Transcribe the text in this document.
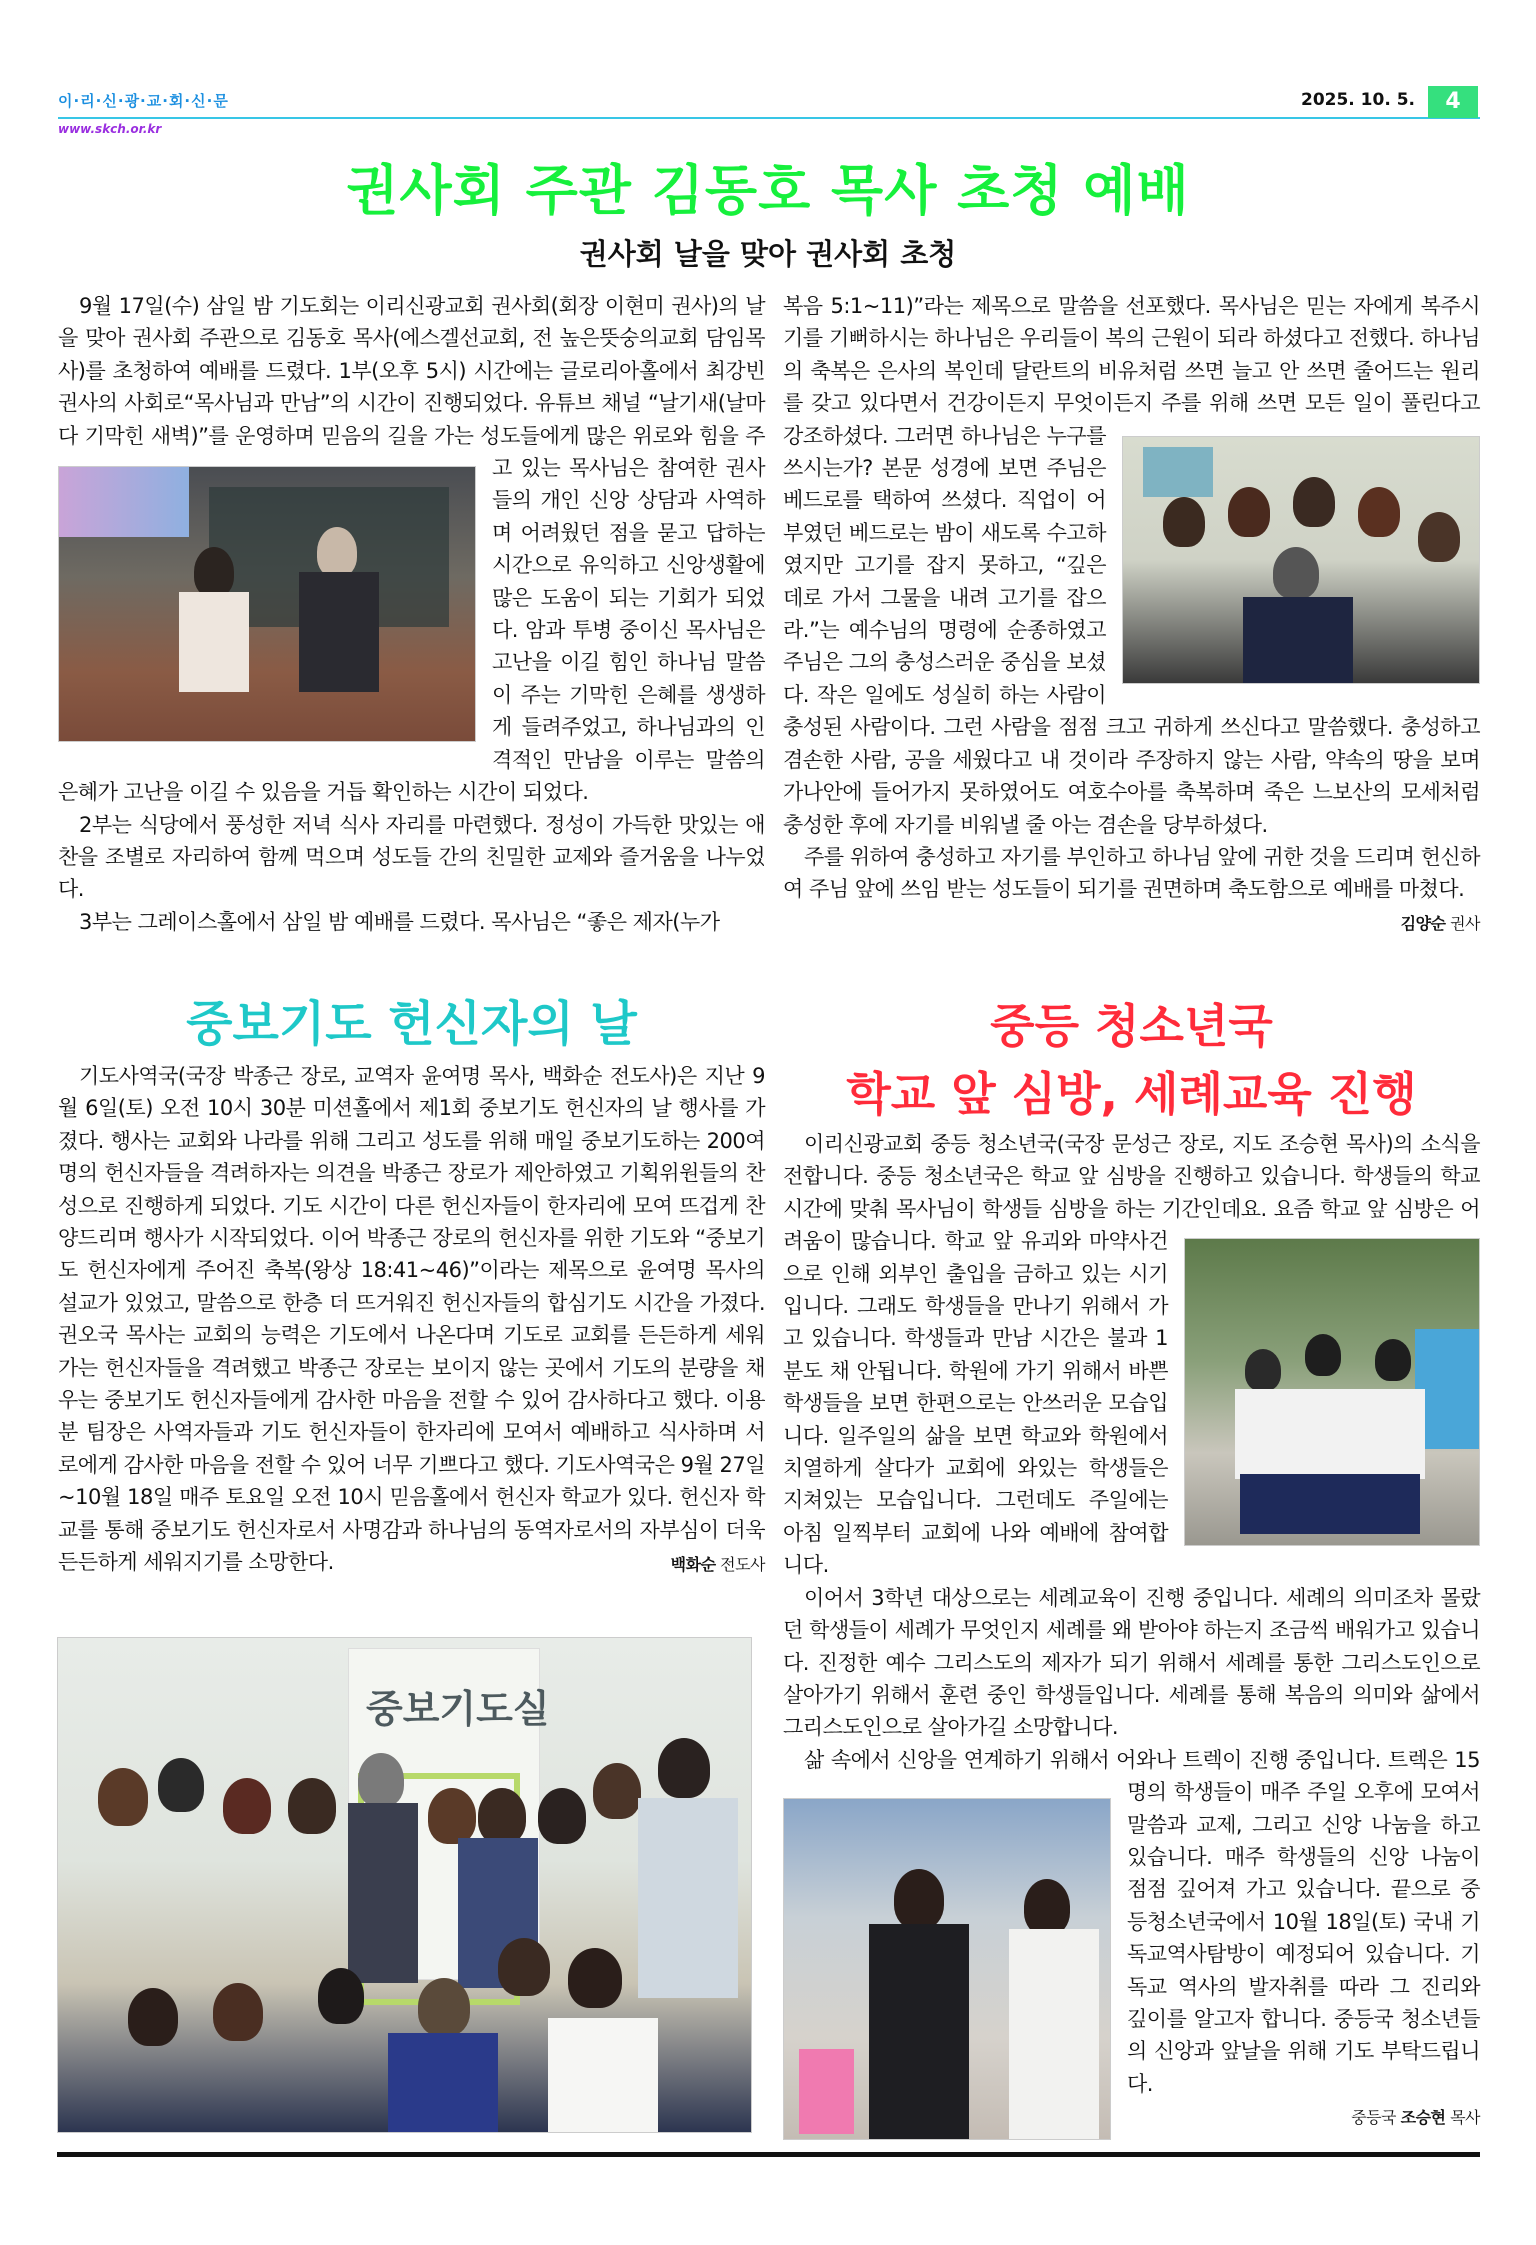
이·리·신·광·교·회·신·문
www.skch.or.kr
2025. 10. 5.	4
권사회 주관 김동호 목사 초청 예배
권사회 날을 맞아 권사회 초청

9월 17일(수) 삼일 밤 기도회는 이리신광교회 권사회(회장 이현미 권사)의 날을 맞아 권사회 주관으로 김동호 목사(에스겔선교회, 전 높은뜻숭의교회 담임목사)를 초청하여 예배를 드렸다. 1부(오후 5시) 시간에는 글로리아홀에서 최강빈 권사의 사회로“목사님과 만남”의 시간이 진행되었다. 유튜브 채널 “날기새(날마다 기막힌 새벽)”를 운영하며 믿음의 길을 가는 성도들에게 많은 위로와 힘을 주고 있는 목사님은 참여한 권사들의 개인 신앙 상담과 사역하며 어려웠던 점을 묻고 답하는 시간으로 유익하고 신앙생활에 많은 도움이 되는 기회가 되었다. 암과 투병 중이신 목사님은 고난을 이길 힘인 하나님 말씀이 주는 기막힌 은혜를 생생하게 들려주었고, 하나님과의 인격적인 만남을 이루는 말씀의 은혜가 고난을 이길 수 있음을 거듭 확인하는 시간이 되었다.

2부는 식당에서 풍성한 저녁 식사 자리를 마련했다. 정성이 가득한 맛있는 애찬을 조별로 자리하여 함께 먹으며 성도들 간의 친밀한 교제와 즐거움을 나누었다.

3부는 그레이스홀에서 삼일 밤 예배를 드렸다. 목사님은 “좋은 제자(누가

복음 5:1~11)”라는 제목으로 말씀을 선포했다. 목사님은 믿는 자에게 복주시기를 기뻐하시는 하나님은 우리들이 복의 근원이 되라 하셨다고 전했다. 하나님의 축복은 은사의 복인데 달란트의 비유처럼 쓰면 늘고 안 쓰면 줄어드는 원리를 갖고 있다면서 건강이든지 무엇이든지 주를 위해 쓰면 모든 일이 풀린다고 강조하셨다. 그러면 하나님은 누구를 쓰시는가? 본문 성경에 보면 주님은 베드로를 택하여 쓰셨다. 직업이 어부였던 베드로는 밤이 새도록 수고하였지만 고기를 잡지 못하고, “깊은 데로 가서 그물을 내려 고기를 잡으라.”는 예수님의 명령에 순종하였고 주님은 그의 충성스러운 중심을 보셨다. 작은 일에도 성실히 하는 사람이 충성된 사람이다. 그런 사람을 점점 크고 귀하게 쓰신다고 말씀했다. 충성하고 겸손한 사람, 공을 세웠다고 내 것이라 주장하지 않는 사람, 약속의 땅을 보며 가나안에 들어가지 못하였어도 여호수아를 축복하며 죽은 느보산의 모세처럼 충성한 후에 자기를 비워낼 줄 아는 겸손을 당부하셨다.

주를 위하여 충성하고 자기를 부인하고 하나님 앞에 귀한 것을 드리며 헌신하여 주님 앞에 쓰임 받는 성도들이 되기를 권면하며 축도함으로 예배를 마쳤다.

김양순 권사
중보기도 헌신자의 날

기도사역국(국장 박종근 장로, 교역자 윤여명 목사, 백화순 전도사)은 지난 9월 6일(토) 오전 10시 30분 미션홀에서 제1회 중보기도 헌신자의 날 행사를 가졌다. 행사는 교회와 나라를 위해 그리고 성도를 위해 매일 중보기도하는 200여명의 헌신자들을 격려하자는 의견을 박종근 장로가 제안하였고 기획위원들의 찬성으로 진행하게 되었다. 기도 시간이 다른 헌신자들이 한자리에 모여 뜨겁게 찬양드리며 행사가 시작되었다. 이어 박종근 장로의 헌신자를 위한 기도와 “중보기도 헌신자에게 주어진 축복(왕상 18:41~46)”이라는 제목으로 윤여명 목사의 설교가 있었고, 말씀으로 한층 더 뜨거워진 헌신자들의 합심기도 시간을 가졌다. 권오국 목사는 교회의 능력은 기도에서 나온다며 기도로 교회를 든든하게 세워가는 헌신자들을 격려했고 박종근 장로는 보이지 않는 곳에서 기도의 분량을 채우는 중보기도 헌신자들에게 감사한 마음을 전할 수 있어 감사하다고 했다. 이용분 팀장은 사역자들과 기도 헌신자들이 한자리에 모여서 예배하고 식사하며 서로에게 감사한 마음을 전할 수 있어 너무 기쁘다고 했다. 기도사역국은 9월 27일 ~10월 18일 매주 토요일 오전 10시 믿음홀에서 헌신자 학교가 있다. 헌신자 학교를 통해 중보기도 헌신자로서 사명감과 하나님의 동역자로서의 자부심이 더욱 든든하게 세워지기를 소망한다.	백화순 전도사
중보기도실
중등 청소년국
학교 앞 심방, 세례교육 진행

이리신광교회 중등 청소년국(국장 문성근 장로, 지도 조승현 목사)의 소식을 전합니다. 중등 청소년국은 학교 앞 심방을 진행하고 있습니다. 학생들의 학교 시간에 맞춰 목사님이 학생들 심방을 하는 기간인데요. 요즘 학교 앞 심방은 어려움이 많습니다. 학교 앞 유괴와 마약사건으로 인해 외부인 출입을 금하고 있는 시기입니다. 그래도 학생들을 만나기 위해서 가고 있습니다. 학생들과 만남 시간은 불과 1분도 채 안됩니다. 학원에 가기 위해서 바쁜 학생들을 보면 한편으로는 안쓰러운 모습입니다. 일주일의 삶을 보면 학교와 학원에서 치열하게 살다가 교회에 와있는 학생들은 지쳐있는 모습입니다. 그런데도 주일에는 아침 일찍부터 교회에 나와 예배에 참여합니다.

이어서 3학년 대상으로는 세례교육이 진행 중입니다. 세례의 의미조차 몰랐던 학생들이 세례가 무엇인지 세례를 왜 받아야 하는지 조금씩 배워가고 있습니다. 진정한 예수 그리스도의 제자가 되기 위해서 세례를 통한 그리스도인으로 살아가기 위해서 훈련 중인 학생들입니다. 세례를 통해 복음의 의미와 삶에서 그리스도인으로 살아가길 소망합니다.

삶 속에서 신앙을 연계하기 위해서 어와나 트렉이 진행 중입니다. 트렉은 15명의 학생들이 매주 주일 오후에 모여서 말씀과 교제, 그리고 신앙 나눔을 하고 있습니다. 매주 학생들의 신앙 나눔이 점점 깊어져 가고 있습니다. 끝으로 중등청소년국에서 10월 18일(토) 국내 기독교역사탐방이 예정되어 있습니다. 기독교 역사의 발자취를 따라 그 진리와 깊이를 알고자 합니다. 중등국 청소년들의 신앙과 앞날을 위해 기도 부탁드립니다.

중등국 조승현 목사
